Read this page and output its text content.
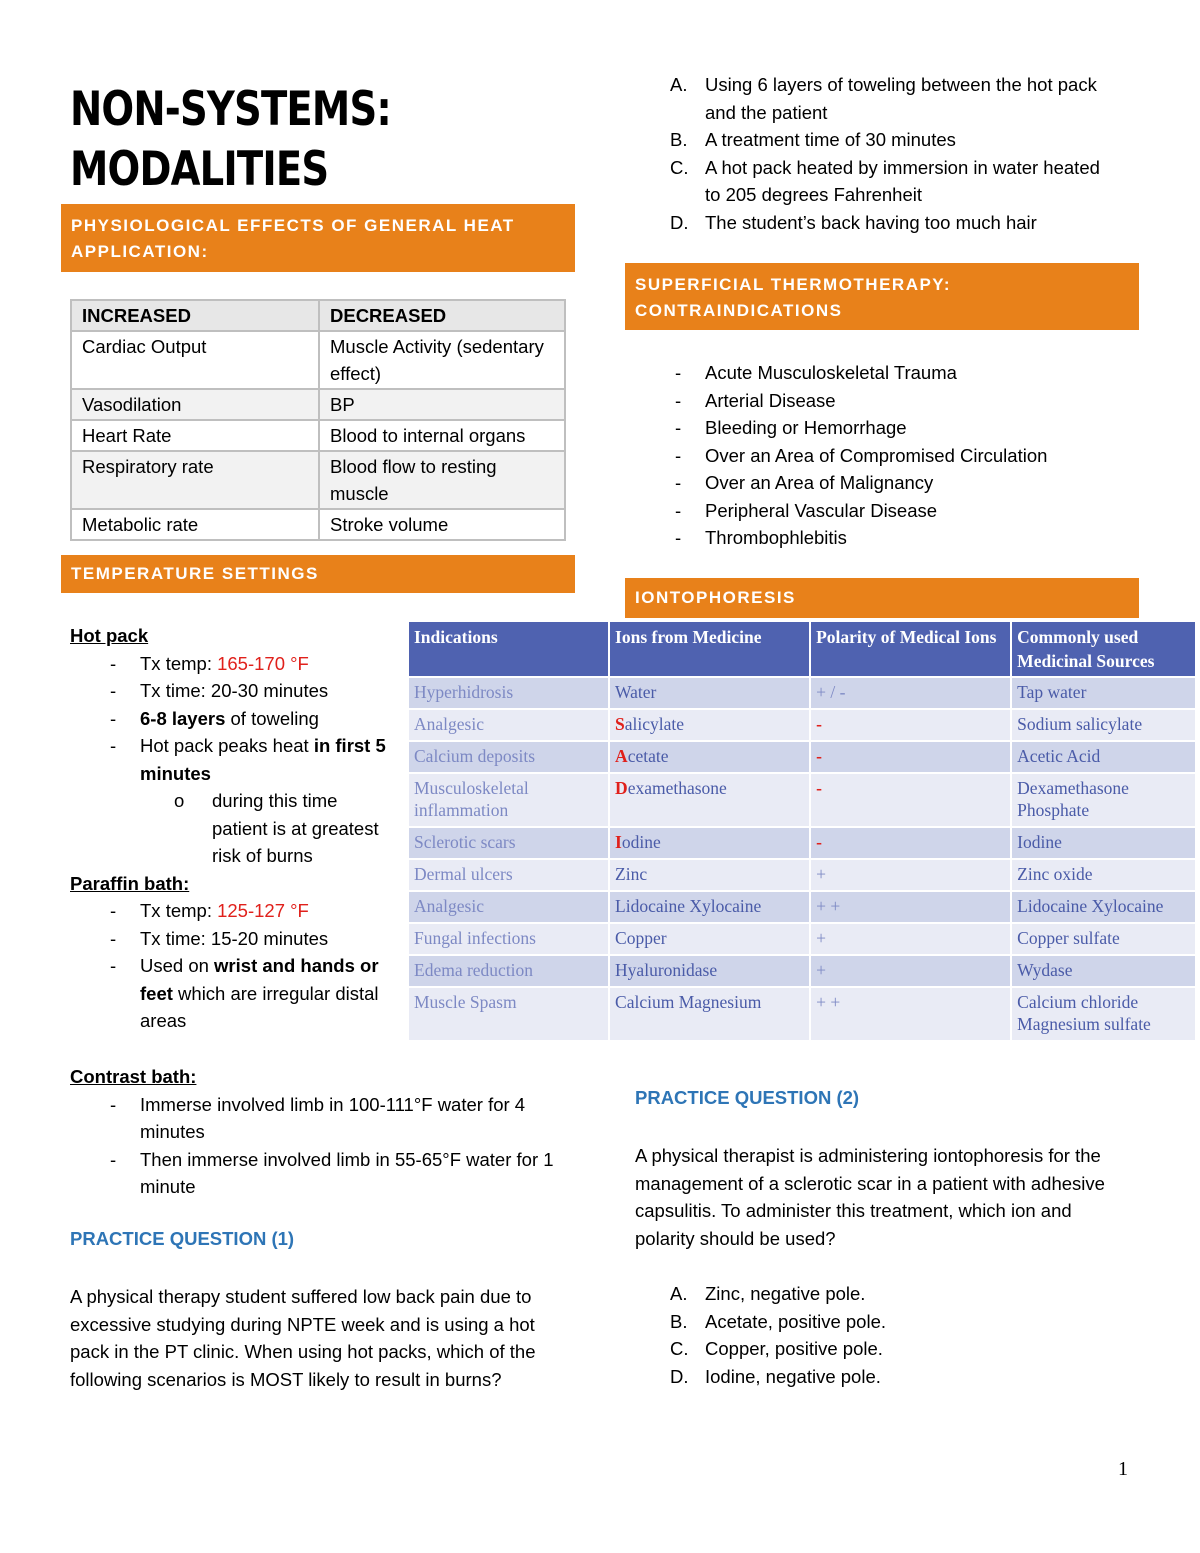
NON-SYSTEMS:
MODALITIES
PHYSIOLOGICAL EFFECTS OF GENERAL HEAT
APPLICATION:
INCREASED	DECREASED
Cardiac Output	Muscle Activity (sedentary effect)
Vasodilation	BP
Heart Rate	Blood to internal organs
Respiratory rate	Blood flow to resting muscle
Metabolic rate	Stroke volume
TEMPERATURE SETTINGS
Hot pack
- Tx temp: 165-170 °F
- Tx time: 20-30 minutes
- 6-8 layers of toweling
- Hot pack peaks heat in first 5 minutes
o during this time patient is at greatest risk of burns
Paraffin bath:
- Tx temp: 125-127 °F
- Tx time: 15-20 minutes
- Used on wrist and hands or feet which are irregular distal areas
Contrast bath:
- Immerse involved limb in 100-111°F water for 4 minutes
- Then immerse involved limb in 55-65°F water for 1 minute
PRACTICE QUESTION (1)
A physical therapy student suffered low back pain due to excessive studying during NPTE week and is using a hot pack in the PT clinic. When using hot packs, which of the following scenarios is MOST likely to result in burns?
A. Using 6 layers of toweling between the hot pack and the patient
B. A treatment time of 30 minutes
C. A hot pack heated by immersion in water heated to 205 degrees Fahrenheit
D. The student’s back having too much hair
SUPERFICIAL THERMOTHERAPY:
CONTRAINDICATIONS
- Acute Musculoskeletal Trauma
- Arterial Disease
- Bleeding or Hemorrhage
- Over an Area of Compromised Circulation
- Over an Area of Malignancy
- Peripheral Vascular Disease
- Thrombophlebitis
IONTOPHORESIS
Indications	Ions from Medicine	Polarity of Medical Ions	Commonly used Medicinal Sources
Hyperhidrosis	Water	+ / -	Tap water
Analgesic	Salicylate	-	Sodium salicylate
Calcium deposits	Acetate	-	Acetic Acid
Musculoskeletal inflammation	Dexamethasone	-	Dexamethasone Phosphate
Sclerotic scars	Iodine	-	Iodine
Dermal ulcers	Zinc	+	Zinc oxide
Analgesic	Lidocaine Xylocaine	+ +	Lidocaine Xylocaine
Fungal infections	Copper	+	Copper sulfate
Edema reduction	Hyaluronidase	+	Wydase
Muscle Spasm	Calcium Magnesium	+ +	Calcium chloride Magnesium sulfate
PRACTICE QUESTION (2)
A physical therapist is administering iontophoresis for the management of a sclerotic scar in a patient with adhesive capsulitis. To administer this treatment, which ion and polarity should be used?
A. Zinc, negative pole.
B. Acetate, positive pole.
C. Copper, positive pole.
D. Iodine, negative pole.
1
